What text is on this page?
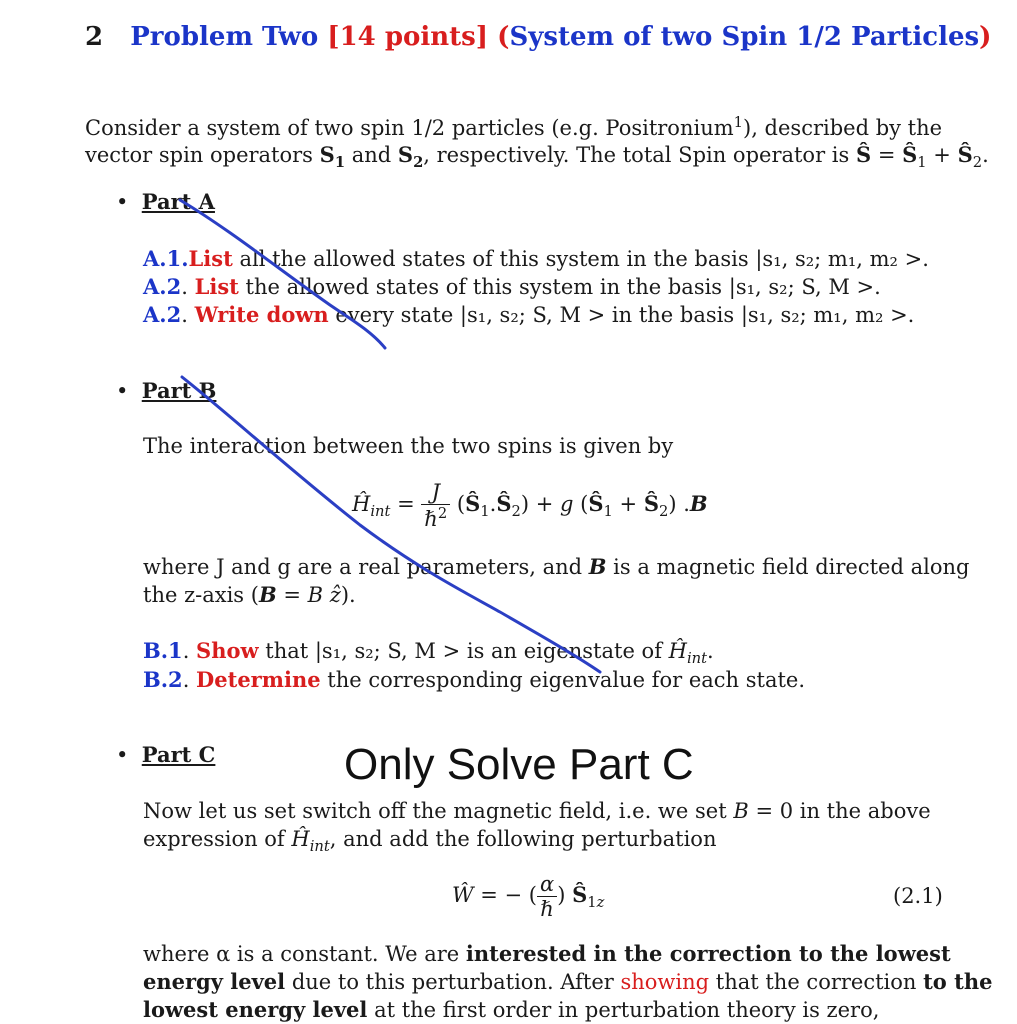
2 Problem Two [14 points] (System of two Spin 1/2 Particles)
Consider a system of two spin 1/2 particles (e.g. Positronium$^1$), described by the
vector spin operators $S_1$ and $S_2$, respectively. The total Spin operator is Ŝ = $Ŝ_1$ + $Ŝ_2$.
•  Part A
A.1.List all the allowed states of this system in the basis |s₁, s₂; m₁, m₂ >.
A.2. List the allowed states of this system in the basis |s₁, s₂; S, M >.
A.2. Write down every state |s₁, s₂; S, M > in the basis |s₁, s₂; m₁, m₂ >.
•  Part B
The interaction between the two spins is given by
$Ĥ_{int} = \frac{J}{\hbar^2}$ $(Ŝ_1.Ŝ_2) + g$ ($Ŝ_1$ + $Ŝ_2$) .B
where J and g are a real parameters, and B is a magnetic field directed along
the z-axis (B = B ẑ).
B.1. Show that |s₁, s₂; S, M > is an eigenstate of $Ĥ_{int}$.
B.2. Determine the corresponding eigenvalue for each state.
•  Part C	Only Solve Part C
Now let us set switch off the magnetic field, i.e. we set B = 0 in the above
expression of $Ĥ_{int}$, and add the following perturbation
Ŵ = − ( $\frac{\alpha}{\text{ℏ}}$ ) $Ŝ_{1z}$	(2.1)
where α is a constant. We are interested in the correction to the lowest
energy level due to this perturbation. After showing that the correction to the
lowest energy level at the first order in perturbation theory is zero,
